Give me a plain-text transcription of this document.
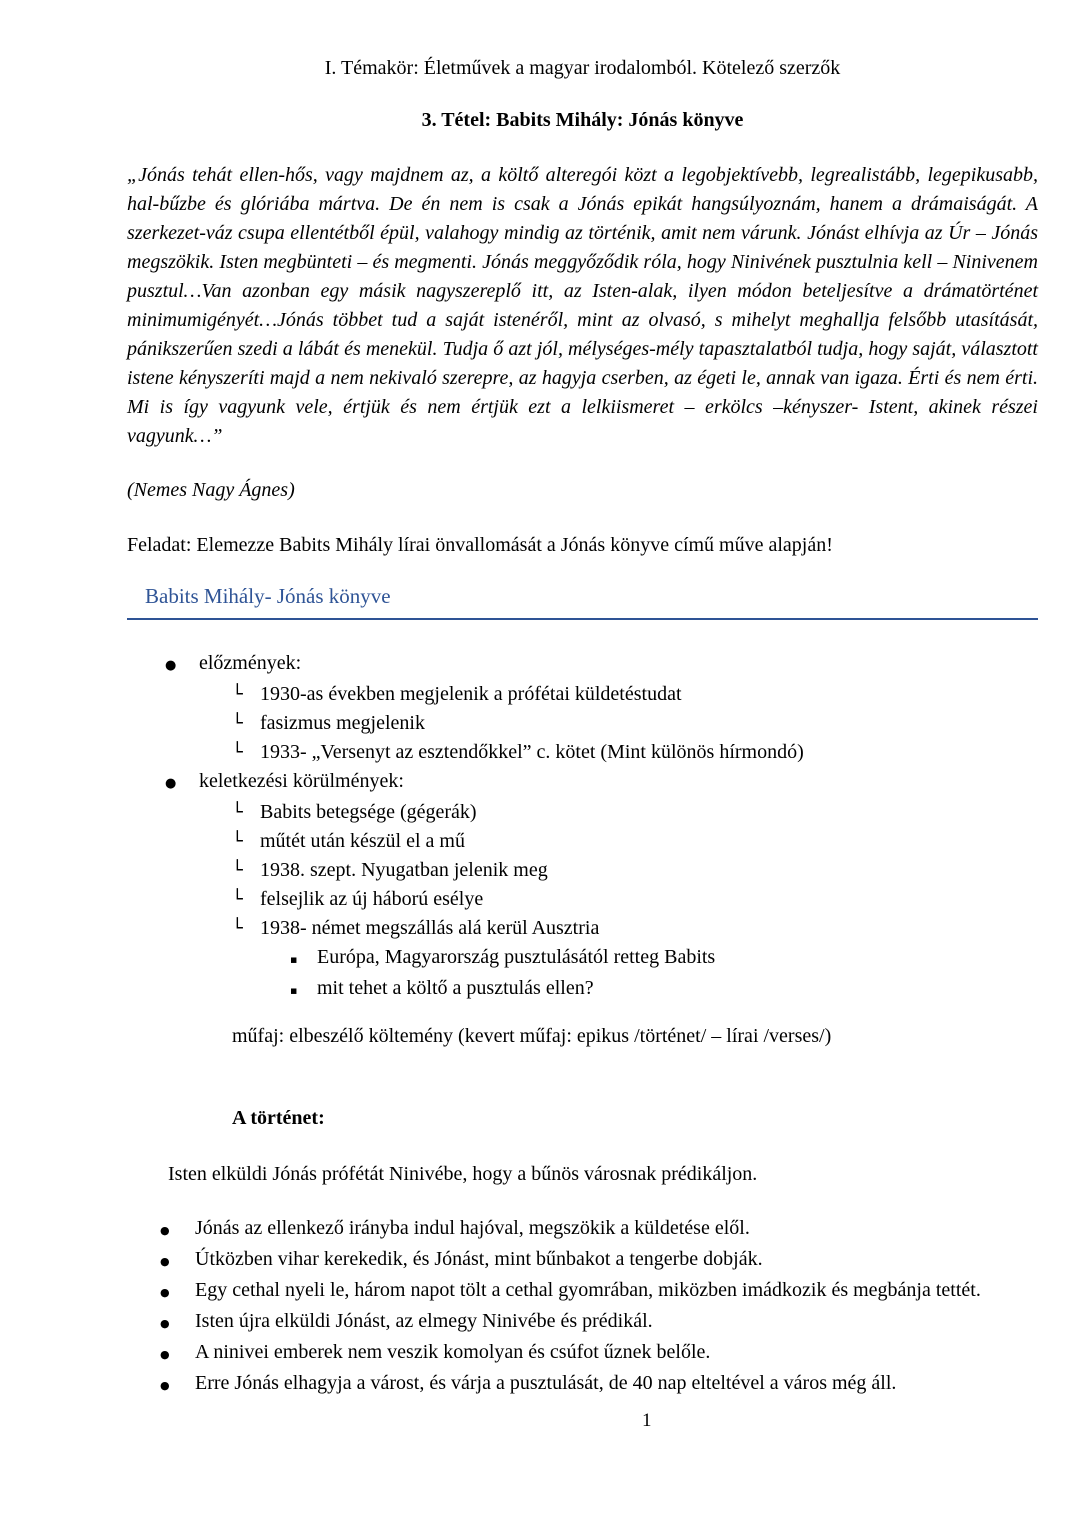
I. Témakör: Életművek a magyar irodalomból. Kötelező szerzők

3. Tétel: Babits Mihály: Jónás könyve

„Jónás tehát ellen-hős, vagy majdnem az, a költő alteregói közt a legobjektívebb, legrealistább, legepikusabb, hal-bűzbe és glóriába mártva. De én nem is csak a Jónás epikát hangsúlyoznám, hanem a drámaiságát. A szerkezet-váz csupa ellentétből épül, valahogy mindig az történik, amit nem várunk. Jónást elhívja az Úr – Jónás megszökik. Isten megbünteti – és megmenti. Jónás meggyőződik róla, hogy Ninivének pusztulnia kell – Ninivenem pusztul…Van azonban egy másik nagyszereplő itt, az Isten-alak, ilyen módon beteljesítve a drámatörténet minimumigényét…Jónás többet tud a saját istenéről, mint az olvasó, s mihelyt meghallja felsőbb utasítását, pánikszerűen szedi a lábát és menekül. Tudja ő azt jól, mélységes-mély tapasztalatból tudja, hogy saját, választott istene kényszeríti majd a nem nekivaló szerepre, az hagyja cserben, az égeti le, annak van igaza. Érti és nem érti. Mi is így vagyunk vele, értjük és nem értjük ezt a lelkiismeret – erkölcs –kényszer- Istent, akinek részei vagyunk…”

(Nemes Nagy Ágnes)

Feladat: Elemezze Babits Mihály lírai önvallomását a Jónás könyve című műve alapján!

Babits Mihály- Jónás könyve
●	előzmények:
└ 1930-as években megjelenik a prófétai küldetéstudat
└ fasizmus megjelenik
└ 1933- „Versenyt az esztendőkkel” c. kötet (Mint különös hírmondó)
●	keletkezési körülmények:
└ Babits betegsége (gégerák)
└ műtét után készül el a mű
└ 1938. szept. Nyugatban jelenik meg
└ felsejlik az új háború esélye
└ 1938- német megszállás alá kerül Ausztria
▪ Európa, Magyarország pusztulásától retteg Babits
▪ mit tehet a költő a pusztulás ellen?

műfaj: elbeszélő költemény (kevert műfaj: epikus /történet/ – lírai /verses/)

A történet:

Isten elküldi Jónás prófétát Ninivébe, hogy a bűnös városnak prédikáljon.

●	Jónás az ellenkező irányba indul hajóval, megszökik a küldetése elől.
●	Útközben vihar kerekedik, és Jónást, mint bűnbakot a tengerbe dobják.
●	Egy cethal nyeli le, három napot tölt a cethal gyomrában, miközben imádkozik és megbánja tettét.
●	Isten újra elküldi Jónást, az elmegy Ninivébe és prédikál.
●	A ninivei emberek nem veszik komolyan és csúfot űznek belőle.
●	Erre Jónás elhagyja a várost, és várja a pusztulását, de 40 nap elteltével a város még áll.
1
